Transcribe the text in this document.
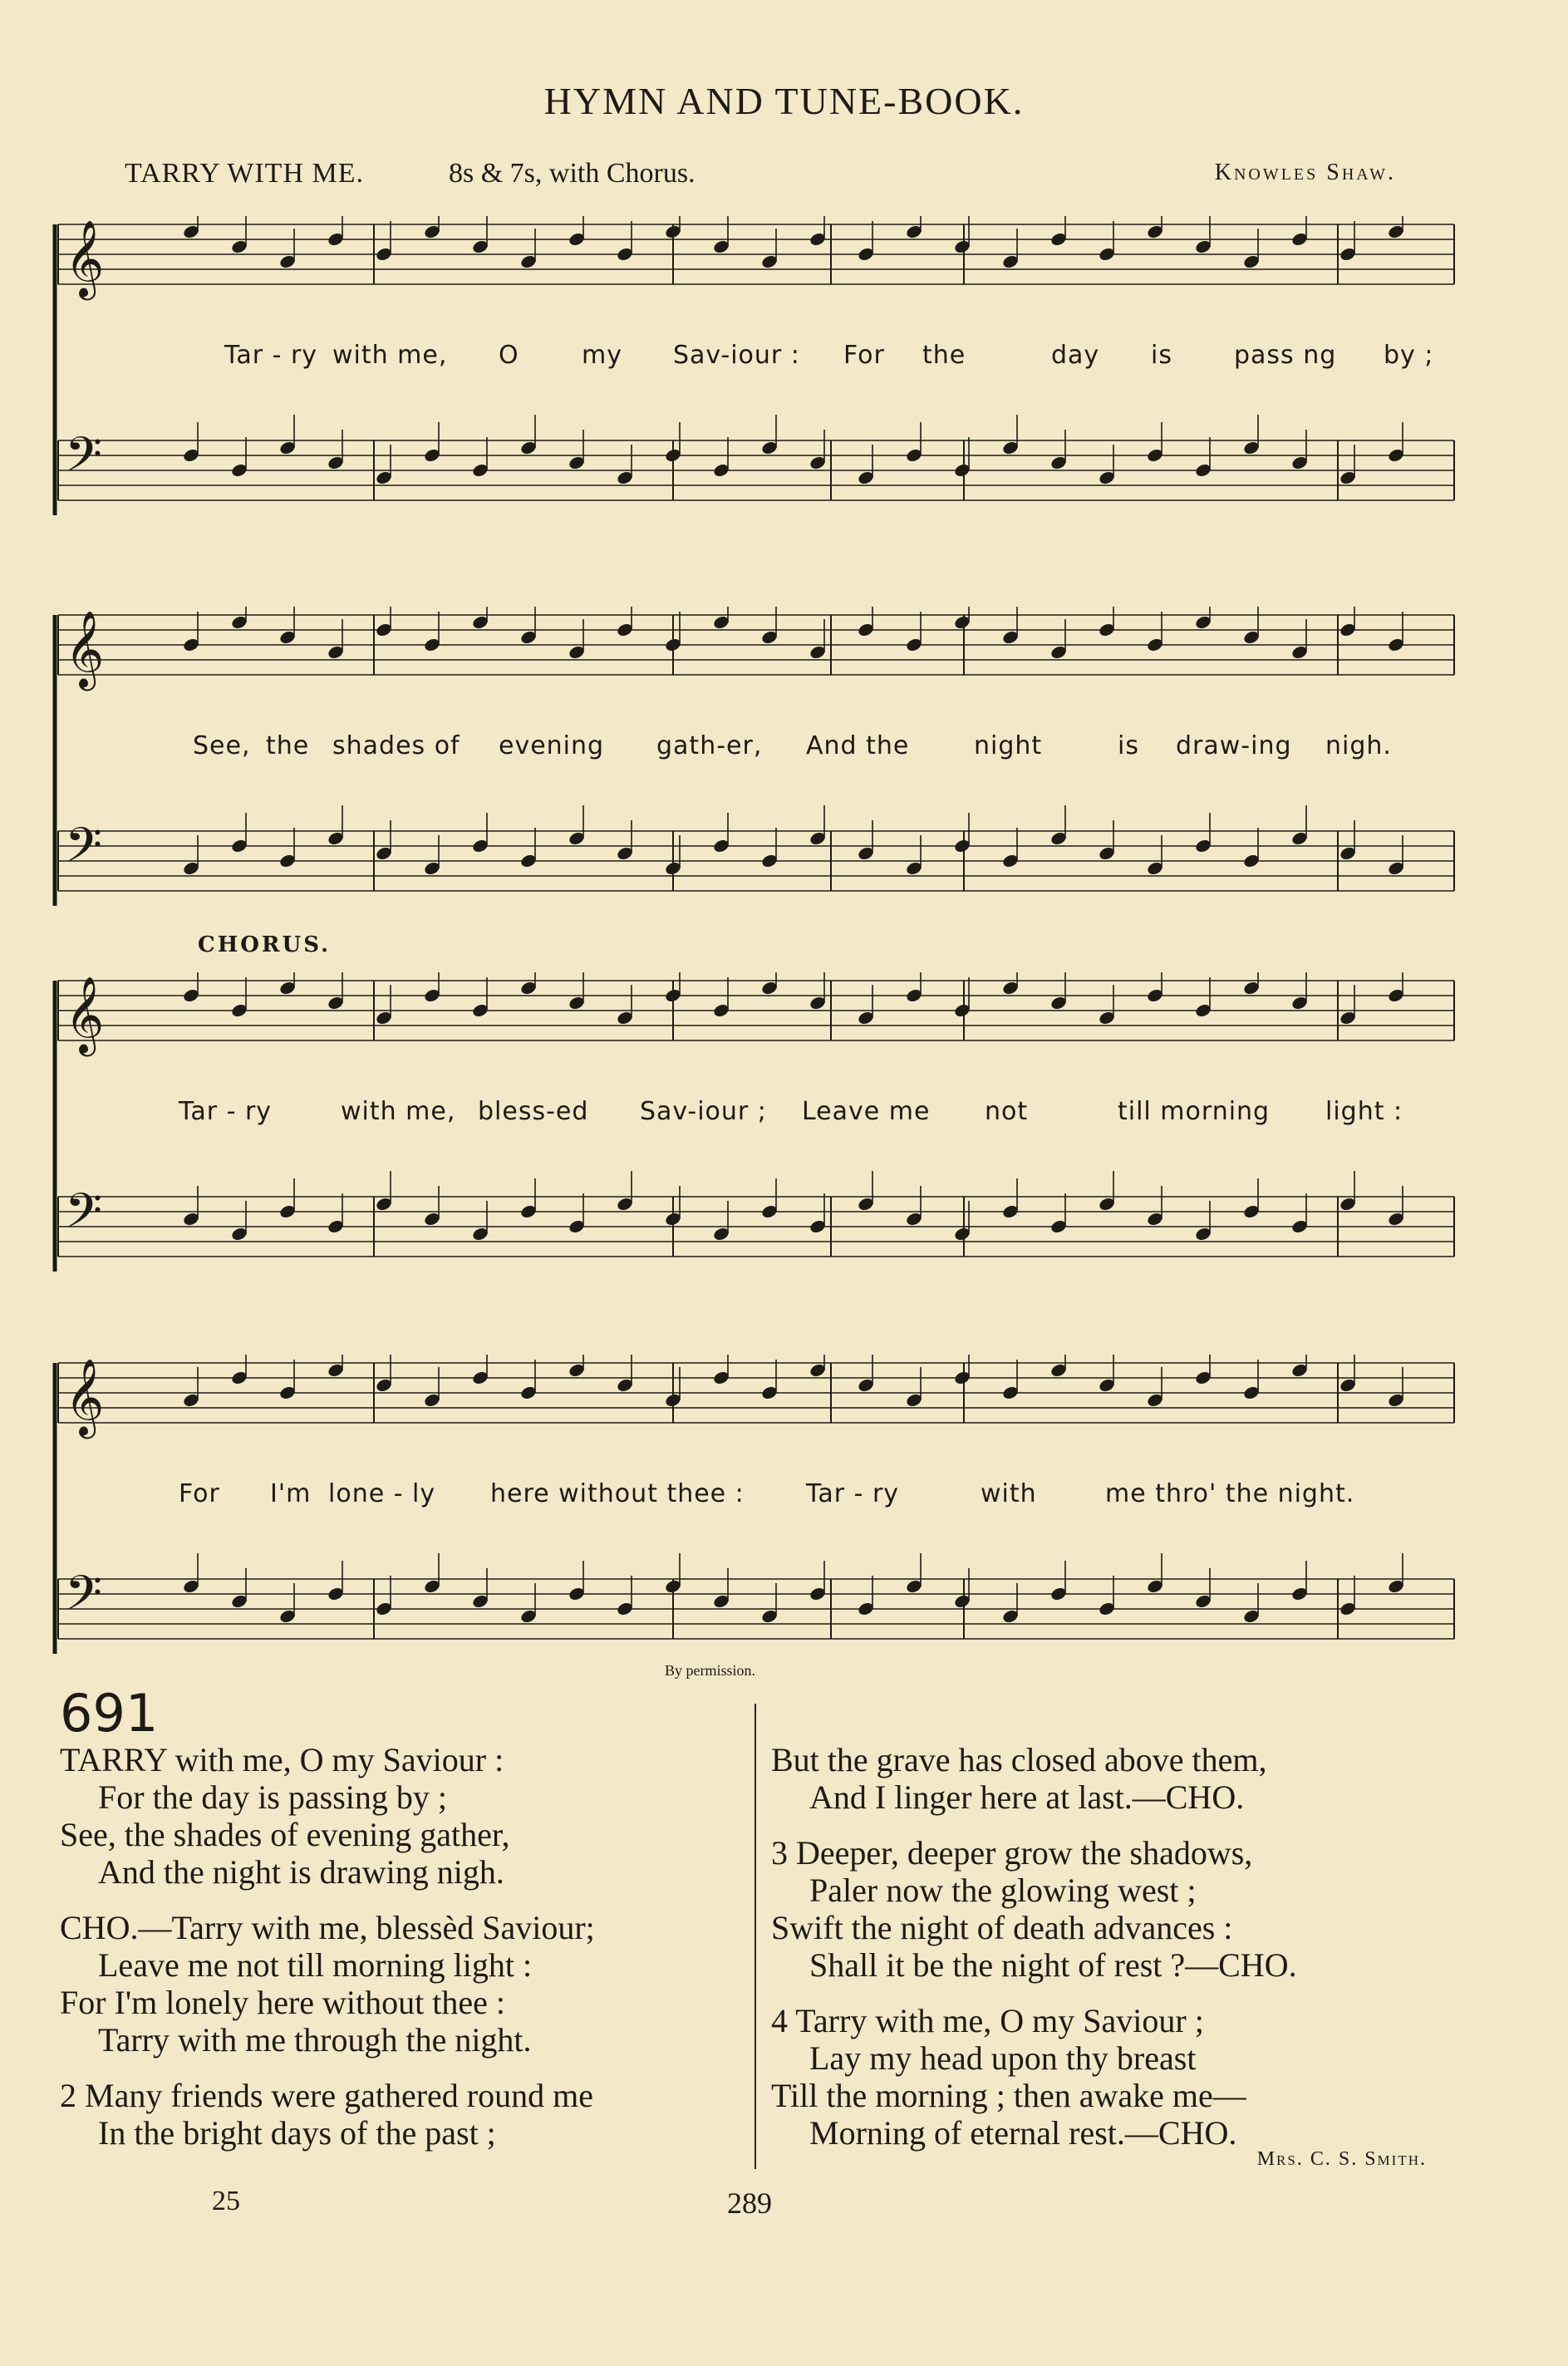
HYMN AND TUNE-BOOK.
TARRY WITH ME.	8s & 7s, with Chorus.	Knowles Shaw.
𝄞
𝄢
Tar - ry with me, O	my Sav-iour : For the	day is pass ng by ;
𝄞
𝄢
See, the shades of evening gath-er, And the	night	is draw-ing nigh.
𝄞
𝄢
Tar - ry	with me, bless-ed Sav-iour ; Leave me not	till morning light :
𝄞
𝄢
For I'm lone - ly here without thee : Tar - ry	with	me thro' the night.
CHORUS.
By permission.
691
TARRY with me, O my Saviour :
For the day is passing by ;
See, the shades of evening gather,
And the night is drawing nigh.
CHO.—Tarry with me, blessèd Saviour;
Leave me not till morning light :
For I'm lonely here without thee :
Tarry with me through the night.
2 Many friends were gathered round me
In the bright days of the past ;
But the grave has closed above them,
And I linger here at last.—CHO.
3 Deeper, deeper grow the shadows,
Paler now the glowing west ;
Swift the night of death advances :
Shall it be the night of rest ?—CHO.
4 Tarry with me, O my Saviour ;
Lay my head upon thy breast
Till the morning ; then awake me—
Morning of eternal rest.—CHO.
Mrs. C. S. Smith.
25	289
